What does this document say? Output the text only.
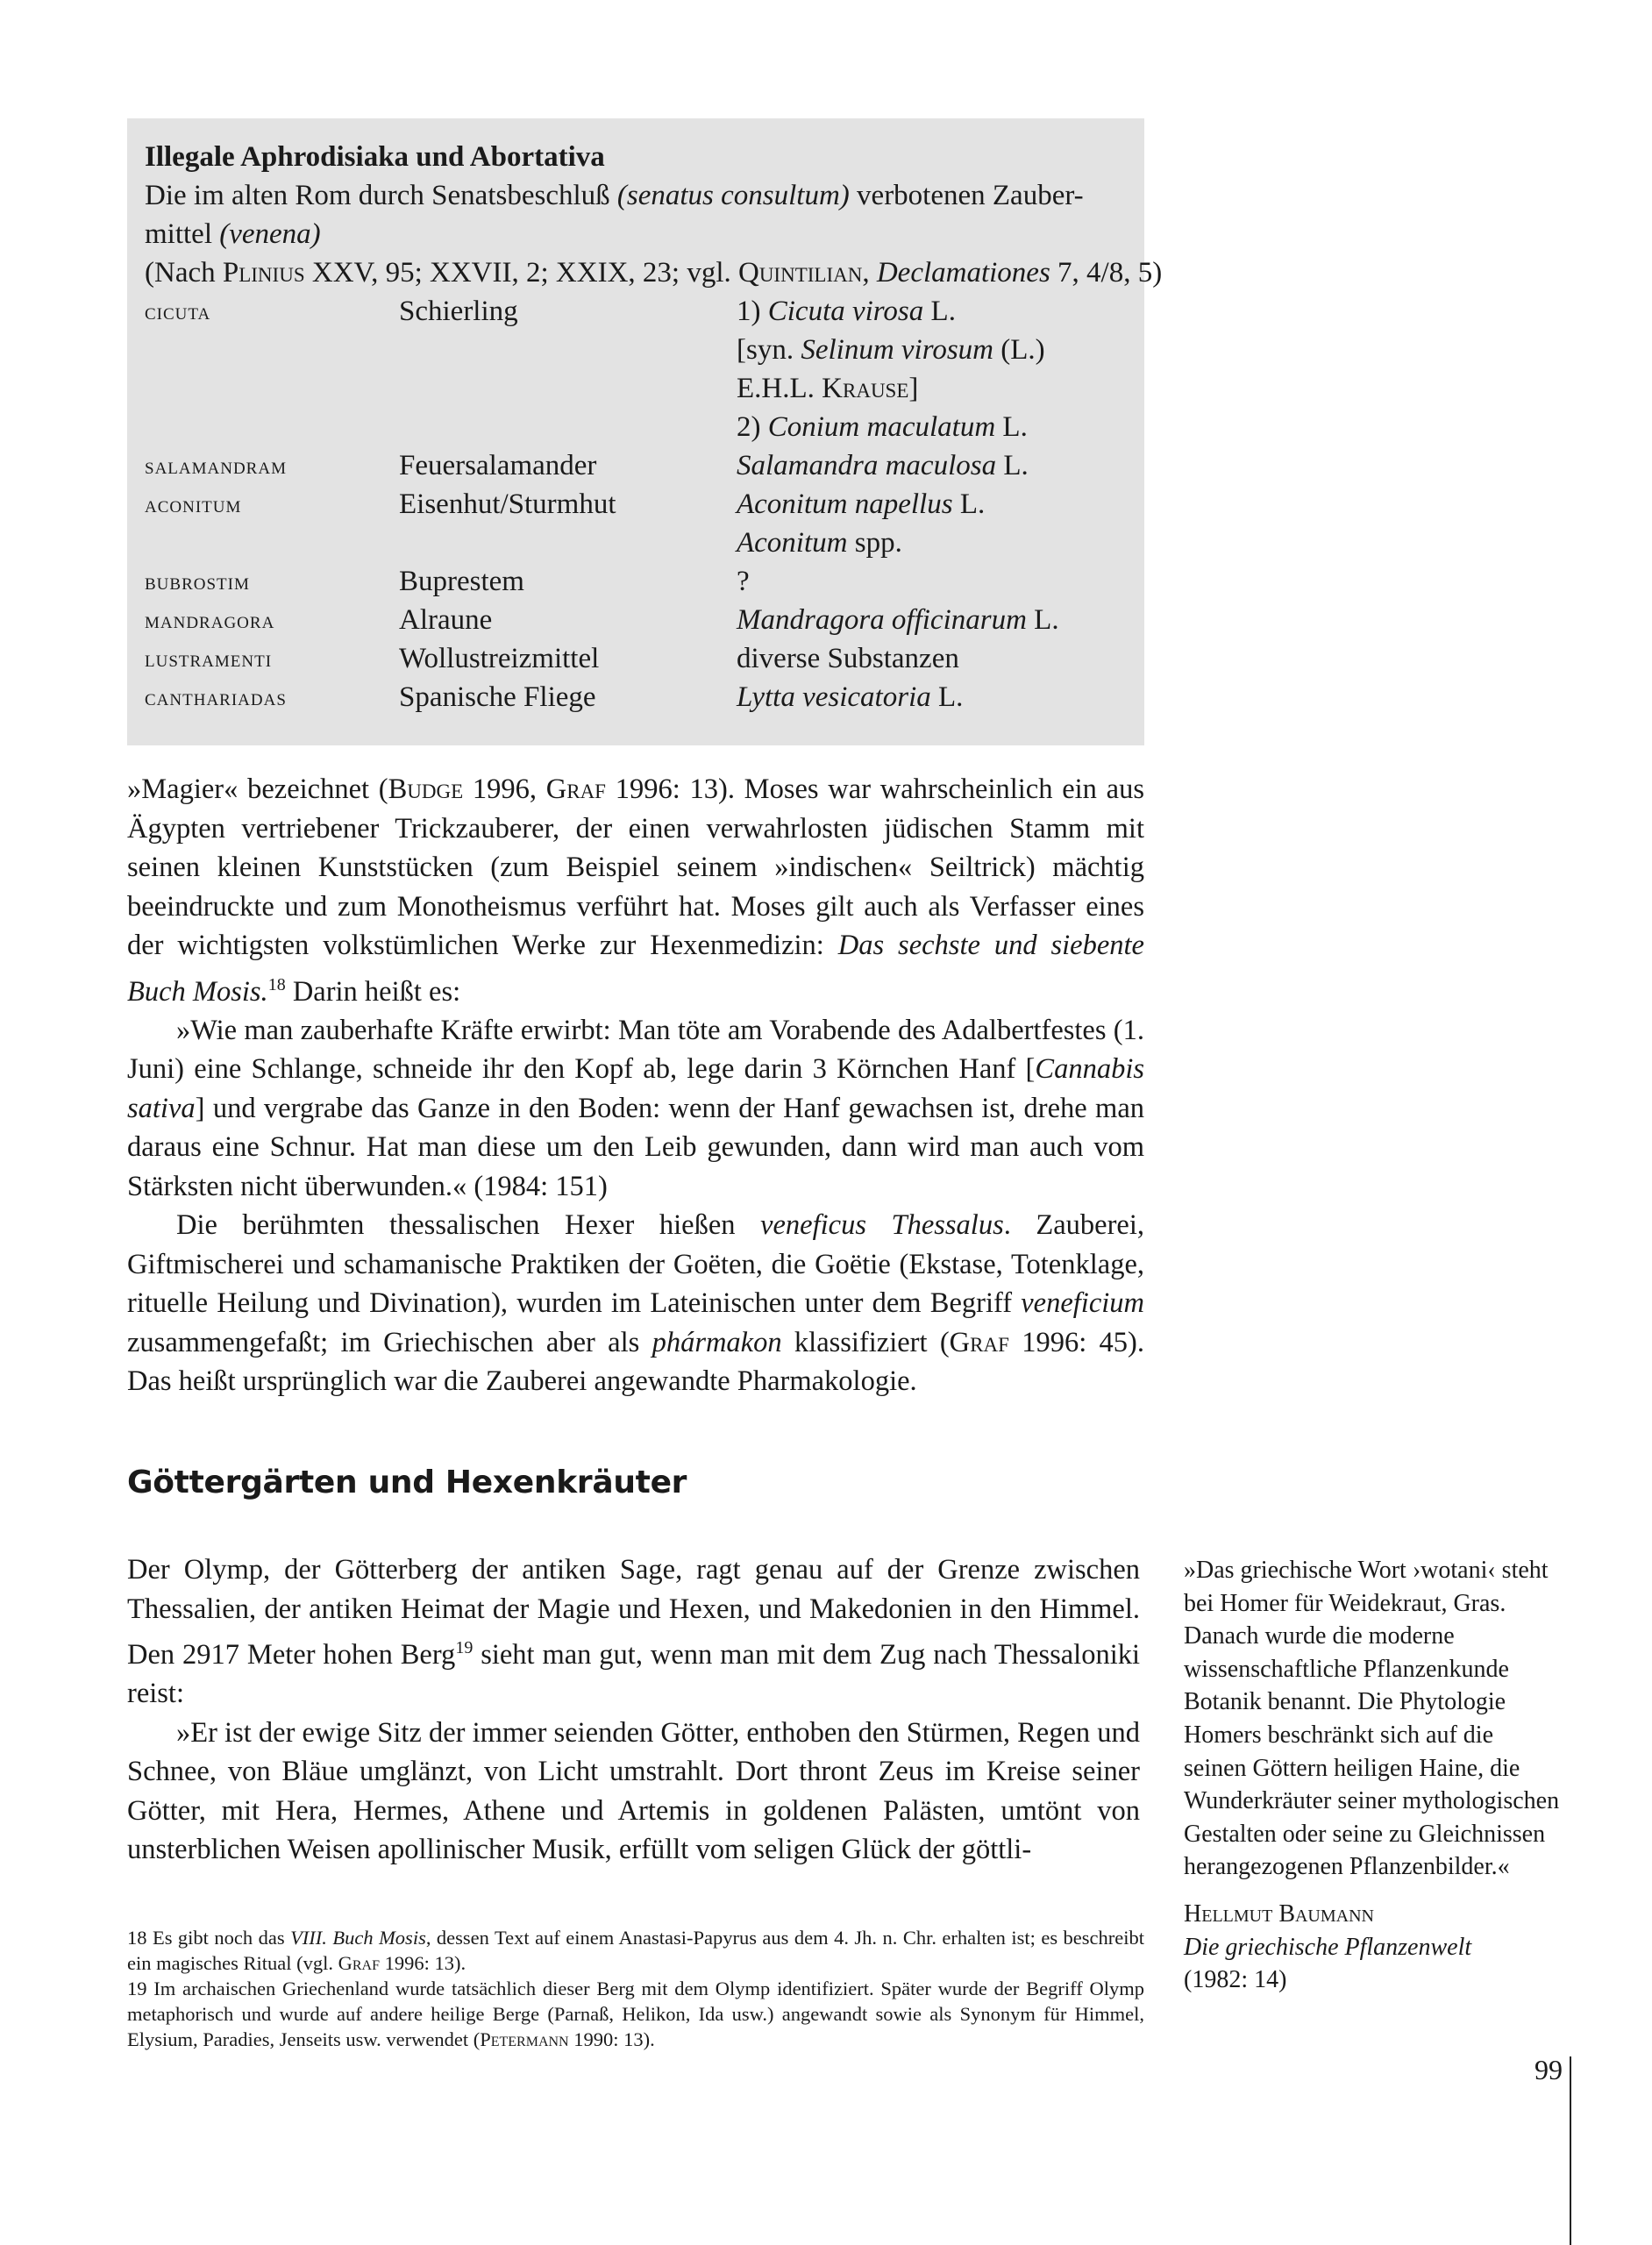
Illegale Aphrodisiaka und Abortativa
Die im alten Rom durch Senatsbeschluß (senatus consultum) verbotenen Zauber-
mittel (venena)
(Nach Plinius XXV, 95; XXVII, 2; XXIX, 23; vgl. Quintilian, Declamationes 7, 4/8, 5)
cicuta	Schierling	1) Cicuta virosa L.
[syn. Selinum virosum (L.)
E.H.L. Krause]
2) Conium maculatum L.
salamandram	Feuersalamander	Salamandra maculosa L.
aconitum	Eisenhut/Sturmhut	Aconitum napellus L.
Aconitum spp.
bubrostim	Buprestem	?
mandragora	Alraune	Mandragora officinarum L.
lustramenti	Wollustreizmittel	diverse Substanzen
canthariadas	Spanische Fliege	Lytta vesicatoria L.

»Magier« bezeichnet (Budge 1996, Graf 1996: 13). Moses war wahrscheinlich ein aus Ägypten vertriebener Trickzauberer, der einen verwahrlosten jüdischen Stamm mit seinen kleinen Kunststücken (zum Beispiel seinem »indischen« Seiltrick) mächtig beeindruckte und zum Monotheismus verführt hat. Moses gilt auch als Verfasser eines der wichtigsten volkstümlichen Werke zur Hexenmedizin: Das sechste und siebente Buch Mosis.$^{18}$ Darin heißt es:

»Wie man zauberhafte Kräfte erwirbt: Man töte am Vorabende des Adalbertfestes (1. Juni) eine Schlange, schneide ihr den Kopf ab, lege darin 3 Körnchen Hanf [Cannabis sativa] und vergrabe das Ganze in den Boden: wenn der Hanf gewachsen ist, drehe man daraus eine Schnur. Hat man diese um den Leib gewunden, dann wird man auch vom Stärksten nicht überwunden.« (1984: 151)

Die berühmten thessalischen Hexer hießen veneficus Thessalus. Zauberei, Giftmischerei und schamanische Praktiken der Goëten, die Goëtie (Ekstase, Totenklage, rituelle Heilung und Divination), wurden im Lateinischen unter dem Begriff veneficium zusammengefaßt; im Griechischen aber als phármakon klassifiziert (Graf 1996: 45). Das heißt ursprünglich war die Zauberei angewandte Pharmakologie.

Göttergärten und Hexenkräuter

Der Olymp, der Götterberg der antiken Sage, ragt genau auf der Grenze zwischen Thessalien, der antiken Heimat der Magie und Hexen, und Makedonien in den Himmel. Den 2917 Meter hohen Berg$^{19}$ sieht man gut, wenn man mit dem Zug nach Thessaloniki reist:

»Er ist der ewige Sitz der immer seienden Götter, enthoben den Stürmen, Regen und Schnee, von Bläue umglänzt, von Licht umstrahlt. Dort thront Zeus im Kreise seiner Götter, mit Hera, Hermes, Athene und Artemis in goldenen Palästen, umtönt von unsterblichen Weisen apollinischer Musik, erfüllt vom seligen Glück der göttli-

»Das griechische Wort ›wotani‹ steht bei Homer für Weidekraut, Gras. Danach wurde die moderne wissenschaftliche Pflanzenkunde Botanik benannt. Die Phytologie Homers beschränkt sich auf die seinen Göttern heiligen Haine, die Wunderkräuter seiner mythologischen Gestalten oder seine zu Gleichnissen herangezogenen Pflanzenbilder.«

Hellmut Baumann

Die griechische Pflanzenwelt

(1982: 14)

18 Es gibt noch das VIII. Buch Mosis, dessen Text auf einem Anastasi-Papyrus aus dem 4. Jh. n. Chr. erhalten ist; es beschreibt ein magisches Ritual (vgl. Graf 1996: 13).

19 Im archaischen Griechenland wurde tatsächlich dieser Berg mit dem Olymp identifiziert. Später wurde der Begriff Olymp metaphorisch und wurde auf andere heilige Berge (Parnaß, Helikon, Ida usw.) angewandt sowie als Synonym für Himmel, Elysium, Paradies, Jenseits usw. verwendet (Petermann 1990: 13).

99
